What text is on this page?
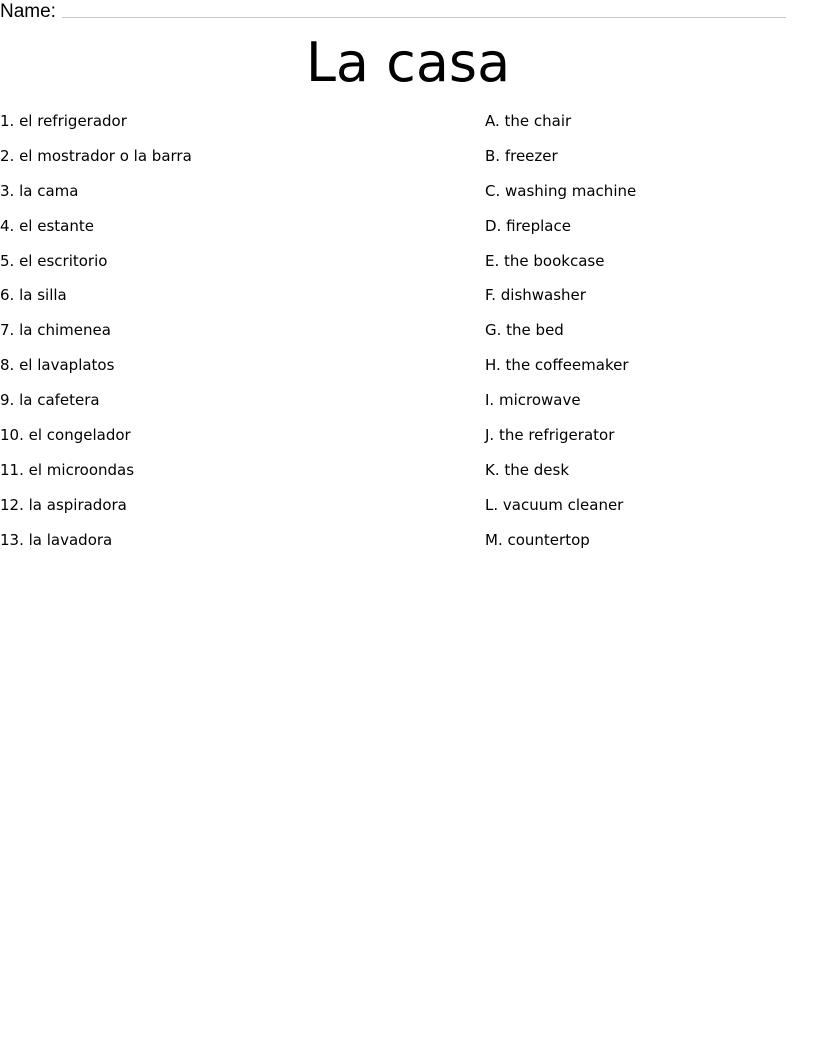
Name:
La casa
1. el refrigerador
2. el mostrador o la barra
3. la cama
4. el estante
5. el escritorio
6. la silla
7. la chimenea
8. el lavaplatos
9. la cafetera
10. el congelador
11. el microondas
12. la aspiradora
13. la lavadora
A. the chair
B. freezer
C. washing machine
D. fireplace
E. the bookcase
F. dishwasher
G. the bed
H. the coffeemaker
I. microwave
J. the refrigerator
K. the desk
L. vacuum cleaner
M. countertop
